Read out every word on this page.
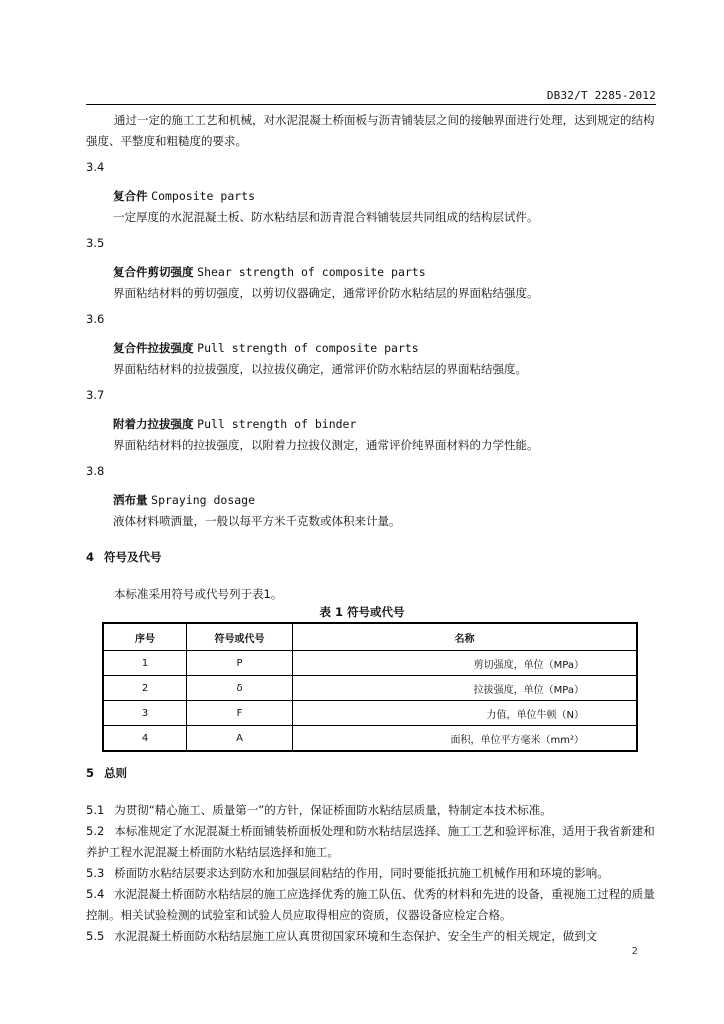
DB32/T 2285-2012

通过一定的施工工艺和机械，对水泥混凝土桥面板与沥青铺装层之间的接触界面进行处理，达到规定的结构强度、平整度和粗糙度的要求。

3.4
复合件 Composite parts
一定厚度的水泥混凝土板、防水粘结层和沥青混合料铺装层共同组成的结构层试件。
3.5
复合件剪切强度 Shear strength of composite parts
界面粘结材料的剪切强度，以剪切仪器确定，通常评价防水粘结层的界面粘结强度。
3.6
复合件拉拔强度 Pull strength of composite parts
界面粘结材料的拉拔强度，以拉拔仪确定，通常评价防水粘结层的界面粘结强度。
3.7
附着力拉拔强度 Pull strength of binder
界面粘结材料的拉拔强度，以附着力拉拔仪测定，通常评价纯界面材料的力学性能。
3.8
洒布量 Spraying dosage
液体材料喷洒量，一般以每平方米千克数或体积来计量。
4 符号及代号

本标准采用符号或代号列于表1。

表 1 符号或代号
序号	符号或代号	名称
1	P	剪切强度，单位（MPa）
2	δ	拉拔强度，单位（MPa）
3	F	力值，单位牛顿（N）
4	A	面积，单位平方毫米（mm²）
5 总则

5.1 为贯彻“精心施工、质量第一”的方针，保证桥面防水粘结层质量，特制定本技术标准。

5.2 本标准规定了水泥混凝土桥面铺装桥面板处理和防水粘结层选择、施工工艺和验评标准，适用于我省新建和养护工程水泥混凝土桥面防水粘结层选择和施工。

5.3 桥面防水粘结层要求达到防水和加强层间粘结的作用，同时要能抵抗施工机械作用和环境的影响。

5.4 水泥混凝土桥面防水粘结层的施工应选择优秀的施工队伍、优秀的材料和先进的设备，重视施工过程的质量控制。相关试验检测的试验室和试验人员应取得相应的资质，仪器设备应检定合格。

5.5 水泥混凝土桥面防水粘结层施工应认真贯彻国家环境和生态保护、安全生产的相关规定，做到文

2
